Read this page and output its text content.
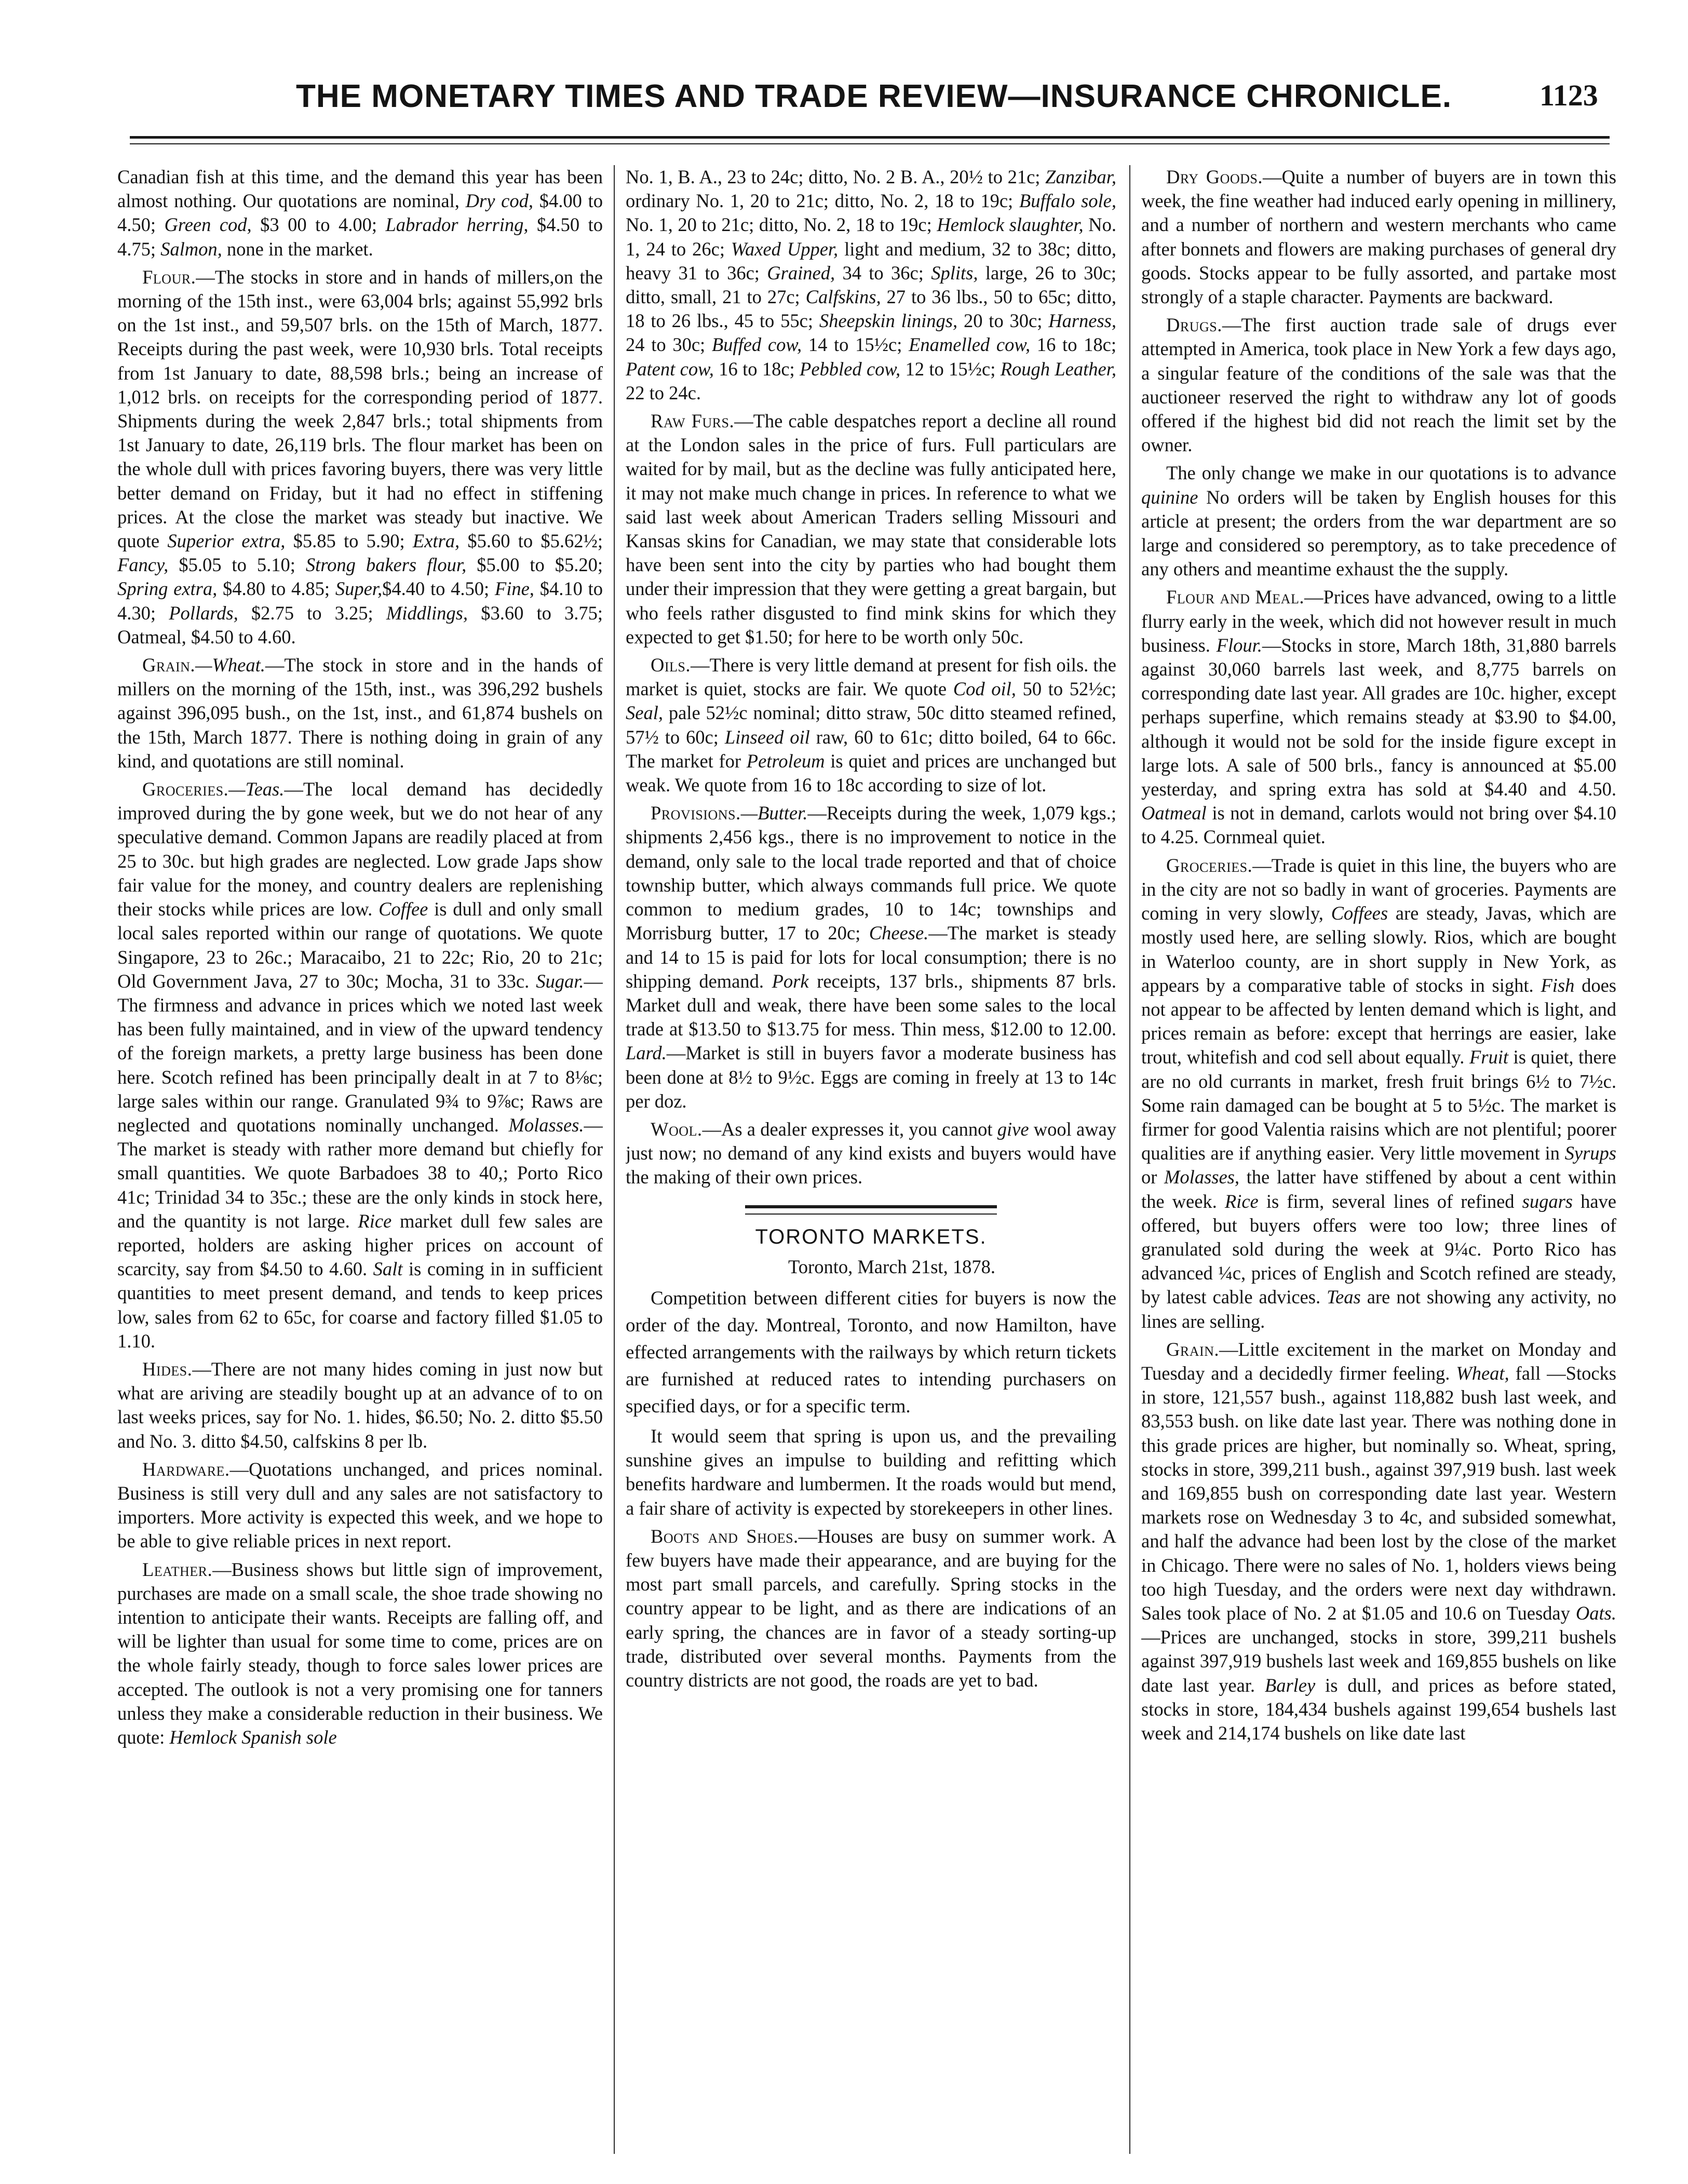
THE MONETARY TIMES AND TRADE REVIEW—INSURANCE CHRONICLE.	1123

Canadian fish at this time, and the demand this year has been almost nothing. Our quotations are nominal, Dry cod, $4.00 to 4.50; Green cod, $3 00 to 4.00; Labrador herring, $4.50 to 4.75; Salmon, none in the market.

Flour.—The stocks in store and in hands of millers,on the morning of the 15th inst., were 63,004 brls; against 55,992 brls on the 1st inst., and 59,507 brls. on the 15th of March, 1877. Receipts during the past week, were 10,930 brls. Total receipts from 1st January to date, 88,598 brls.; being an increase of 1,012 brls. on receipts for the corresponding period of 1877. Shipments during the week 2,847 brls.; total shipments from 1st January to date, 26,119 brls. The flour market has been on the whole dull with prices favoring buyers, there was very little better demand on Friday, but it had no effect in stiffening prices. At the close the market was steady but inactive. We quote Superior extra, $5.85 to 5.90; Extra, $5.60 to $5.62½; Fancy, $5.05 to 5.10; Strong bakers flour, $5.00 to $5.20; Spring extra, $4.80 to 4.85; Super,$4.40 to 4.50; Fine, $4.10 to 4.30; Pollards, $2.75 to 3.25; Middlings, $3.60 to 3.75; Oatmeal, $4.50 to 4.60.

Grain.—Wheat.—The stock in store and in the hands of millers on the morning of the 15th, inst., was 396,292 bushels against 396,095 bush., on the 1st, inst., and 61,874 bushels on the 15th, March 1877. There is nothing doing in grain of any kind, and quotations are still nominal.

Groceries.—Teas.—The local demand has decidedly improved during the by gone week, but we do not hear of any speculative demand. Common Japans are readily placed at from 25 to 30c. but high grades are neglected. Low grade Japs show fair value for the money, and country dealers are replenishing their stocks while prices are low. Coffee is dull and only small local sales reported within our range of quotations. We quote Singapore, 23 to 26c.; Maracaibo, 21 to 22c; Rio, 20 to 21c; Old Government Java, 27 to 30c; Mocha, 31 to 33c. Sugar.—The firmness and advance in prices which we noted last week has been fully maintained, and in view of the upward tendency of the foreign markets, a pretty large business has been done here. Scotch refined has been principally dealt in at 7 to 8⅛c; large sales within our range. Granulated 9¾ to 9⅞c; Raws are neglected and quotations nominally unchanged. Molasses.—The market is steady with rather more demand but chiefly for small quantities. We quote Barbadoes 38 to 40,; Porto Rico 41c; Trinidad 34 to 35c.; these are the only kinds in stock here, and the quantity is not large. Rice market dull few sales are reported, holders are asking higher prices on account of scarcity, say from $4.50 to 4.60. Salt is coming in in sufficient quantities to meet present demand, and tends to keep prices low, sales from 62 to 65c, for coarse and factory filled $1.05 to 1.10.

Hides.—There are not many hides coming in just now but what are ariving are steadily bought up at an advance of to on last weeks prices, say for No. 1. hides, $6.50; No. 2. ditto $5.50 and No. 3. ditto $4.50, calfskins 8 per lb.

Hardware.—Quotations unchanged, and prices nominal. Business is still very dull and any sales are not satisfactory to importers. More activity is expected this week, and we hope to be able to give reliable prices in next report.

Leather.—Business shows but little sign of improvement, purchases are made on a small scale, the shoe trade showing no intention to anticipate their wants. Receipts are falling off, and will be lighter than usual for some time to come, prices are on the whole fairly steady, though to force sales lower prices are accepted. The outlook is not a very promising one for tanners unless they make a considerable reduction in their business. We quote: Hemlock Spanish sole

No. 1, B. A., 23 to 24c; ditto, No. 2 B. A., 20½ to 21c; Zanzibar, ordinary No. 1, 20 to 21c; ditto, No. 2, 18 to 19c; Buffalo sole, No. 1, 20 to 21c; ditto, No. 2, 18 to 19c; Hemlock slaughter, No. 1, 24 to 26c; Waxed Upper, light and medium, 32 to 38c; ditto, heavy 31 to 36c; Grained, 34 to 36c; Splits, large, 26 to 30c; ditto, small, 21 to 27c; Calfskins, 27 to 36 lbs., 50 to 65c; ditto, 18 to 26 lbs., 45 to 55c; Sheepskin linings, 20 to 30c; Harness, 24 to 30c; Buffed cow, 14 to 15½c; Enamelled cow, 16 to 18c; Patent cow, 16 to 18c; Pebbled cow, 12 to 15½c; Rough Leather, 22 to 24c.

Raw Furs.—The cable despatches report a decline all round at the London sales in the price of furs. Full particulars are waited for by mail, but as the decline was fully anticipated here, it may not make much change in prices. In reference to what we said last week about American Traders selling Missouri and Kansas skins for Canadian, we may state that considerable lots have been sent into the city by parties who had bought them under their impression that they were getting a great bargain, but who feels rather disgusted to find mink skins for which they expected to get $1.50; for here to be worth only 50c.

Oils.—There is very little demand at present for fish oils. the market is quiet, stocks are fair. We quote Cod oil, 50 to 52½c; Seal, pale 52½c nominal; ditto straw, 50c ditto steamed refined, 57½ to 60c; Linseed oil raw, 60 to 61c; ditto boiled, 64 to 66c. The market for Petroleum is quiet and prices are unchanged but weak. We quote from 16 to 18c according to size of lot.

Provisions.—Butter.—Receipts during the week, 1,079 kgs.; shipments 2,456 kgs., there is no improvement to notice in the demand, only sale to the local trade reported and that of choice township butter, which always commands full price. We quote common to medium grades, 10 to 14c; townships and Morrisburg butter, 17 to 20c; Cheese.—The market is steady and 14 to 15 is paid for lots for local consumption; there is no shipping demand. Pork receipts, 137 brls., shipments 87 brls. Market dull and weak, there have been some sales to the local trade at $13.50 to $13.75 for mess. Thin mess, $12.00 to 12.00. Lard.—Market is still in buyers favor a moderate business has been done at 8½ to 9½c. Eggs are coming in freely at 13 to 14c per doz.

Wool.—As a dealer expresses it, you cannot give wool away just now; no demand of any kind exists and buyers would have the making of their own prices.

TORONTO MARKETS.
Toronto, March 21st, 1878.

Competition between different cities for buyers is now the order of the day. Montreal, Toronto, and now Hamilton, have effected arrangements with the railways by which return tickets are furnished at reduced rates to intending purchasers on specified days, or for a specific term.

It would seem that spring is upon us, and the prevailing sunshine gives an impulse to building and refitting which benefits hardware and lumbermen. It the roads would but mend, a fair share of activity is expected by storekeepers in other lines.

Boots and Shoes.—Houses are busy on summer work. A few buyers have made their appearance, and are buying for the most part small parcels, and carefully. Spring stocks in the country appear to be light, and as there are indications of an early spring, the chances are in favor of a steady sorting-up trade, distributed over several months. Payments from the country districts are not good, the roads are yet to bad.

Dry Goods.—Quite a number of buyers are in town this week, the fine weather had induced early opening in millinery, and a number of northern and western merchants who came after bonnets and flowers are making purchases of general dry goods. Stocks appear to be fully assorted, and partake most strongly of a staple character. Payments are backward.

Drugs.—The first auction trade sale of drugs ever attempted in America, took place in New York a few days ago, a singular feature of the conditions of the sale was that the auctioneer reserved the right to withdraw any lot of goods offered if the highest bid did not reach the limit set by the owner.

The only change we make in our quotations is to advance quinine No orders will be taken by English houses for this article at present; the orders from the war department are so large and considered so peremptory, as to take precedence of any others and meantime exhaust the the supply.

Flour and Meal.—Prices have advanced, owing to a little flurry early in the week, which did not however result in much business. Flour.—Stocks in store, March 18th, 31,880 barrels against 30,060 barrels last week, and 8,775 barrels on corresponding date last year. All grades are 10c. higher, except perhaps superfine, which remains steady at $3.90 to $4.00, although it would not be sold for the inside figure except in large lots. A sale of 500 brls., fancy is announced at $5.00 yesterday, and spring extra has sold at $4.40 and 4.50. Oatmeal is not in demand, carlots would not bring over $4.10 to 4.25. Cornmeal quiet.

Groceries.—Trade is quiet in this line, the buyers who are in the city are not so badly in want of groceries. Payments are coming in very slowly, Coffees are steady, Javas, which are mostly used here, are selling slowly. Rios, which are bought in Waterloo county, are in short supply in New York, as appears by a comparative table of stocks in sight. Fish does not appear to be affected by lenten demand which is light, and prices remain as before: except that herrings are easier, lake trout, whitefish and cod sell about equally. Fruit is quiet, there are no old currants in market, fresh fruit brings 6½ to 7½c. Some rain damaged can be bought at 5 to 5½c. The market is firmer for good Valentia raisins which are not plentiful; poorer qualities are if anything easier. Very little movement in Syrups or Molasses, the latter have stiffened by about a cent within the week. Rice is firm, several lines of refined sugars have offered, but buyers offers were too low; three lines of granulated sold during the week at 9¼c. Porto Rico has advanced ¼c, prices of English and Scotch refined are steady, by latest cable advices. Teas are not showing any activity, no lines are selling.

Grain.—Little excitement in the market on Monday and Tuesday and a decidedly firmer feeling. Wheat, fall —Stocks in store, 121,557 bush., against 118,882 bush last week, and 83,553 bush. on like date last year. There was nothing done in this grade prices are higher, but nominally so. Wheat, spring, stocks in store, 399,211 bush., against 397,919 bush. last week and 169,855 bush on corresponding date last year. Western markets rose on Wednesday 3 to 4c, and subsided somewhat, and half the advance had been lost by the close of the market in Chicago. There were no sales of No. 1, holders views being too high Tuesday, and the orders were next day withdrawn. Sales took place of No. 2 at $1.05 and 10.6 on Tuesday Oats.—Prices are unchanged, stocks in store, 399,211 bushels against 397,919 bushels last week and 169,855 bushels on like date last year. Barley is dull, and prices as before stated, stocks in store, 184,434 bushels against 199,654 bushels last week and 214,174 bushels on like date last
